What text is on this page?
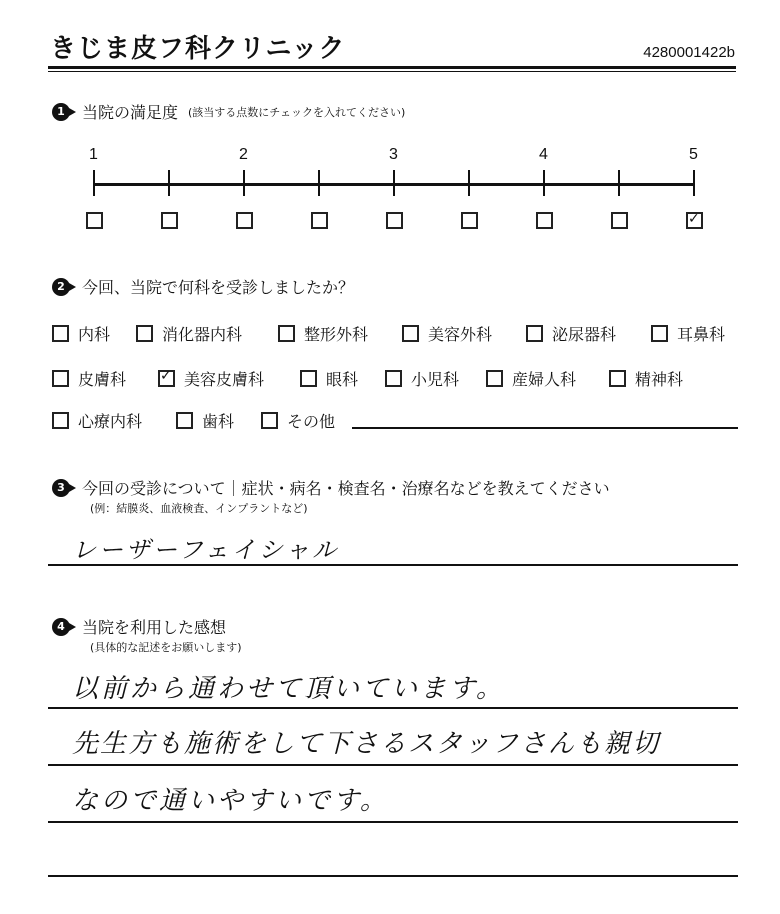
きじま皮フ科クリニック	4280001422b
1	当院の満足度 (該当する点数にチェックを入れてください)
1	2	3	4	5
✓
2	今回、当院で何科を受診しましたか？
内科	消化器内科	整形外科	美容外科	泌尿器科	耳鼻科
皮膚科
✓	美容皮膚科	眼科	小児科	産婦人科	精神科
心療内科	歯科	その他
3	今回の受診について｜症状・病名・検査名・治療名などを教えてください
(例：結膜炎、血液検査、インプラントなど)
レーザーフェイシャル
4	当院を利用した感想
(具体的な記述をお願いします)
以前から通わせて頂いています。
先生方も施術をして下さるスタッフさんも親切
なので通いやすいです。
